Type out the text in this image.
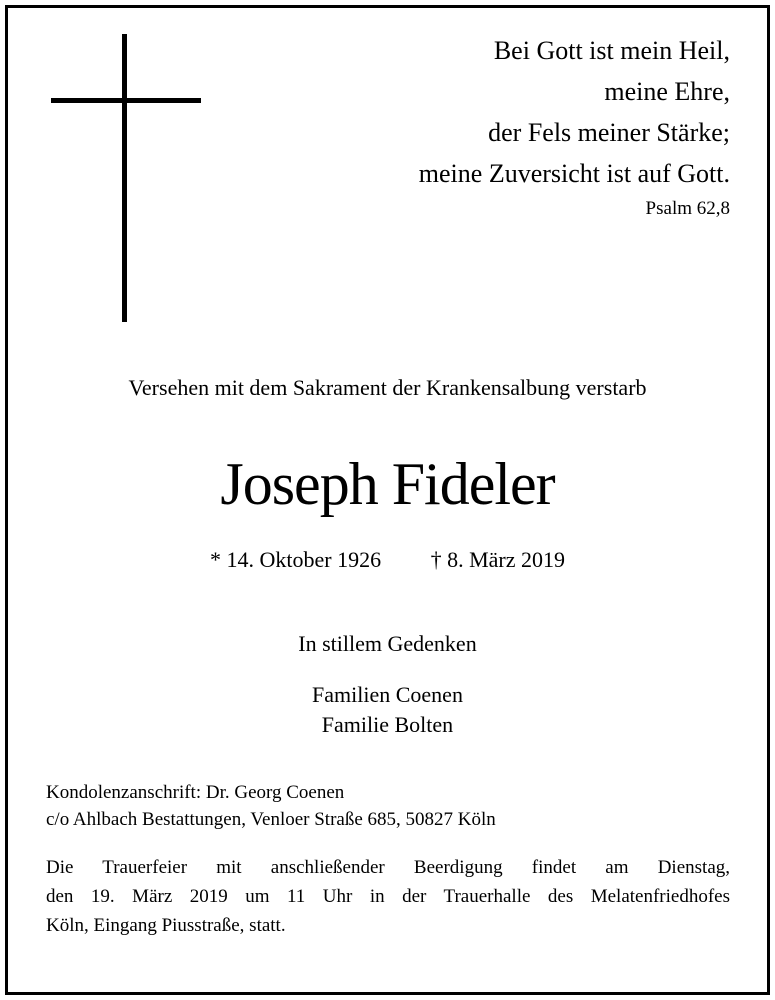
Bei Gott ist mein Heil,
meine Ehre,
der Fels meiner Stärke;
meine Zuversicht ist auf Gott.
Psalm 62,8
Versehen mit dem Sakrament der Krankensalbung verstarb
Joseph Fideler
* 14. Oktober 1926 † 8. März 2019
In stillem Gedenken
Familien Coenen
Familie Bolten
Kondolenzanschrift: Dr. Georg Coenen
c/o Ahlbach Bestattungen, Venloer Straße 685, 50827 Köln
Die Trauerfeier mit anschließender Beerdigung findet am Dienstag,
den 19. März 2019 um 11 Uhr in der Trauerhalle des Melatenfriedhofes
Köln, Eingang Piusstraße, statt.
